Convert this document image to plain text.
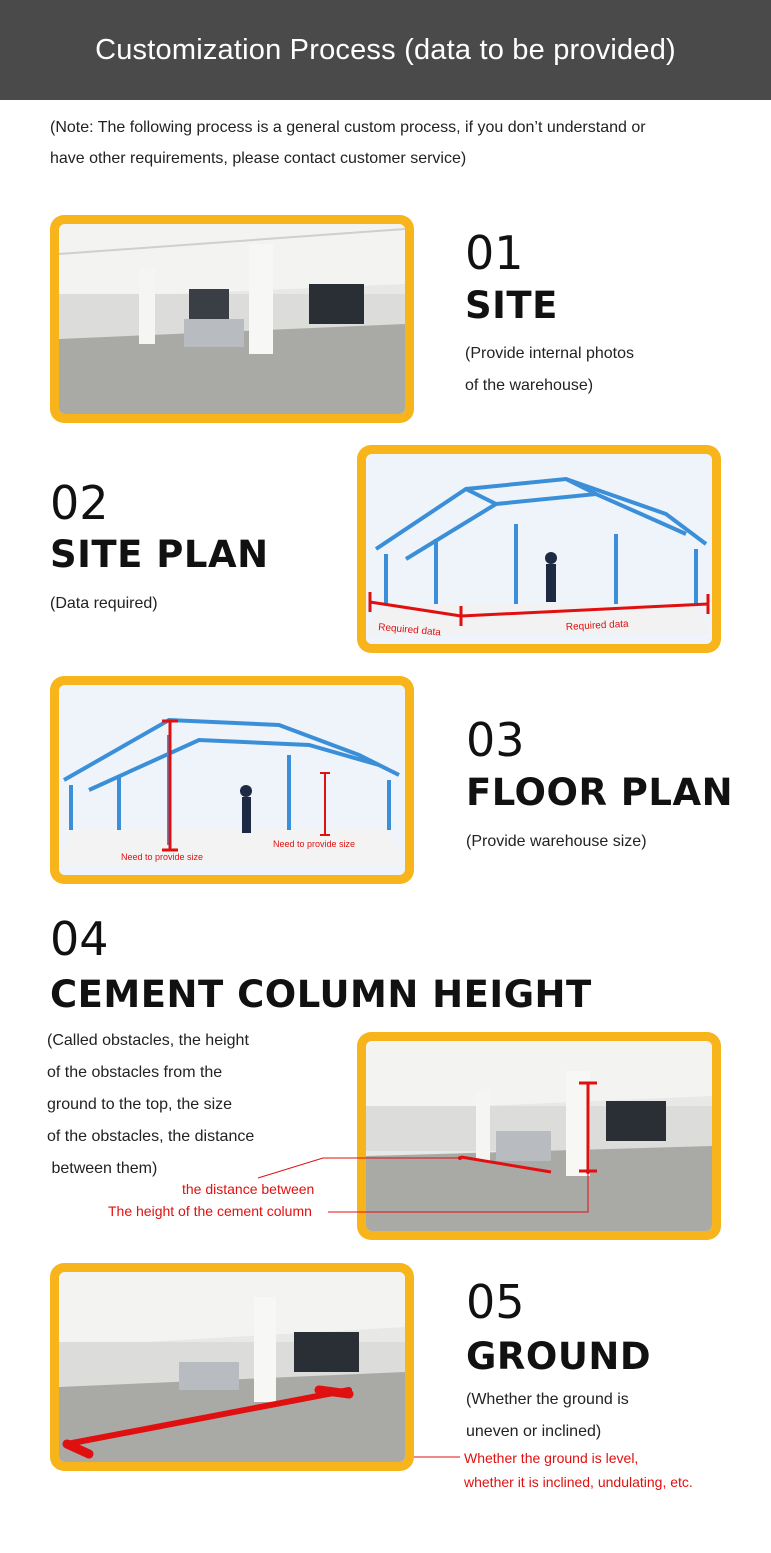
Customization Process (data to be provided)
(Note: The following process is a general custom process, if you don’t understand or
have other requirements, please contact customer service)
01
SITE
(Provide internal photos
of the warehouse)
02
SITE PLAN
(Data required)
Required data	Required data
Need to provide size
Need to provide size
03
FLOOR PLAN
(Provide warehouse size)
04
CEMENT COLUMN HEIGHT
(Called obstacles, the height
of the obstacles from the
ground to the top, the size
of the obstacles, the distance
between them)
the distance between
The height of the cement column
05
GROUND
(Whether the ground is
uneven or inclined)
Whether the ground is level,
whether it is inclined, undulating, etc.
